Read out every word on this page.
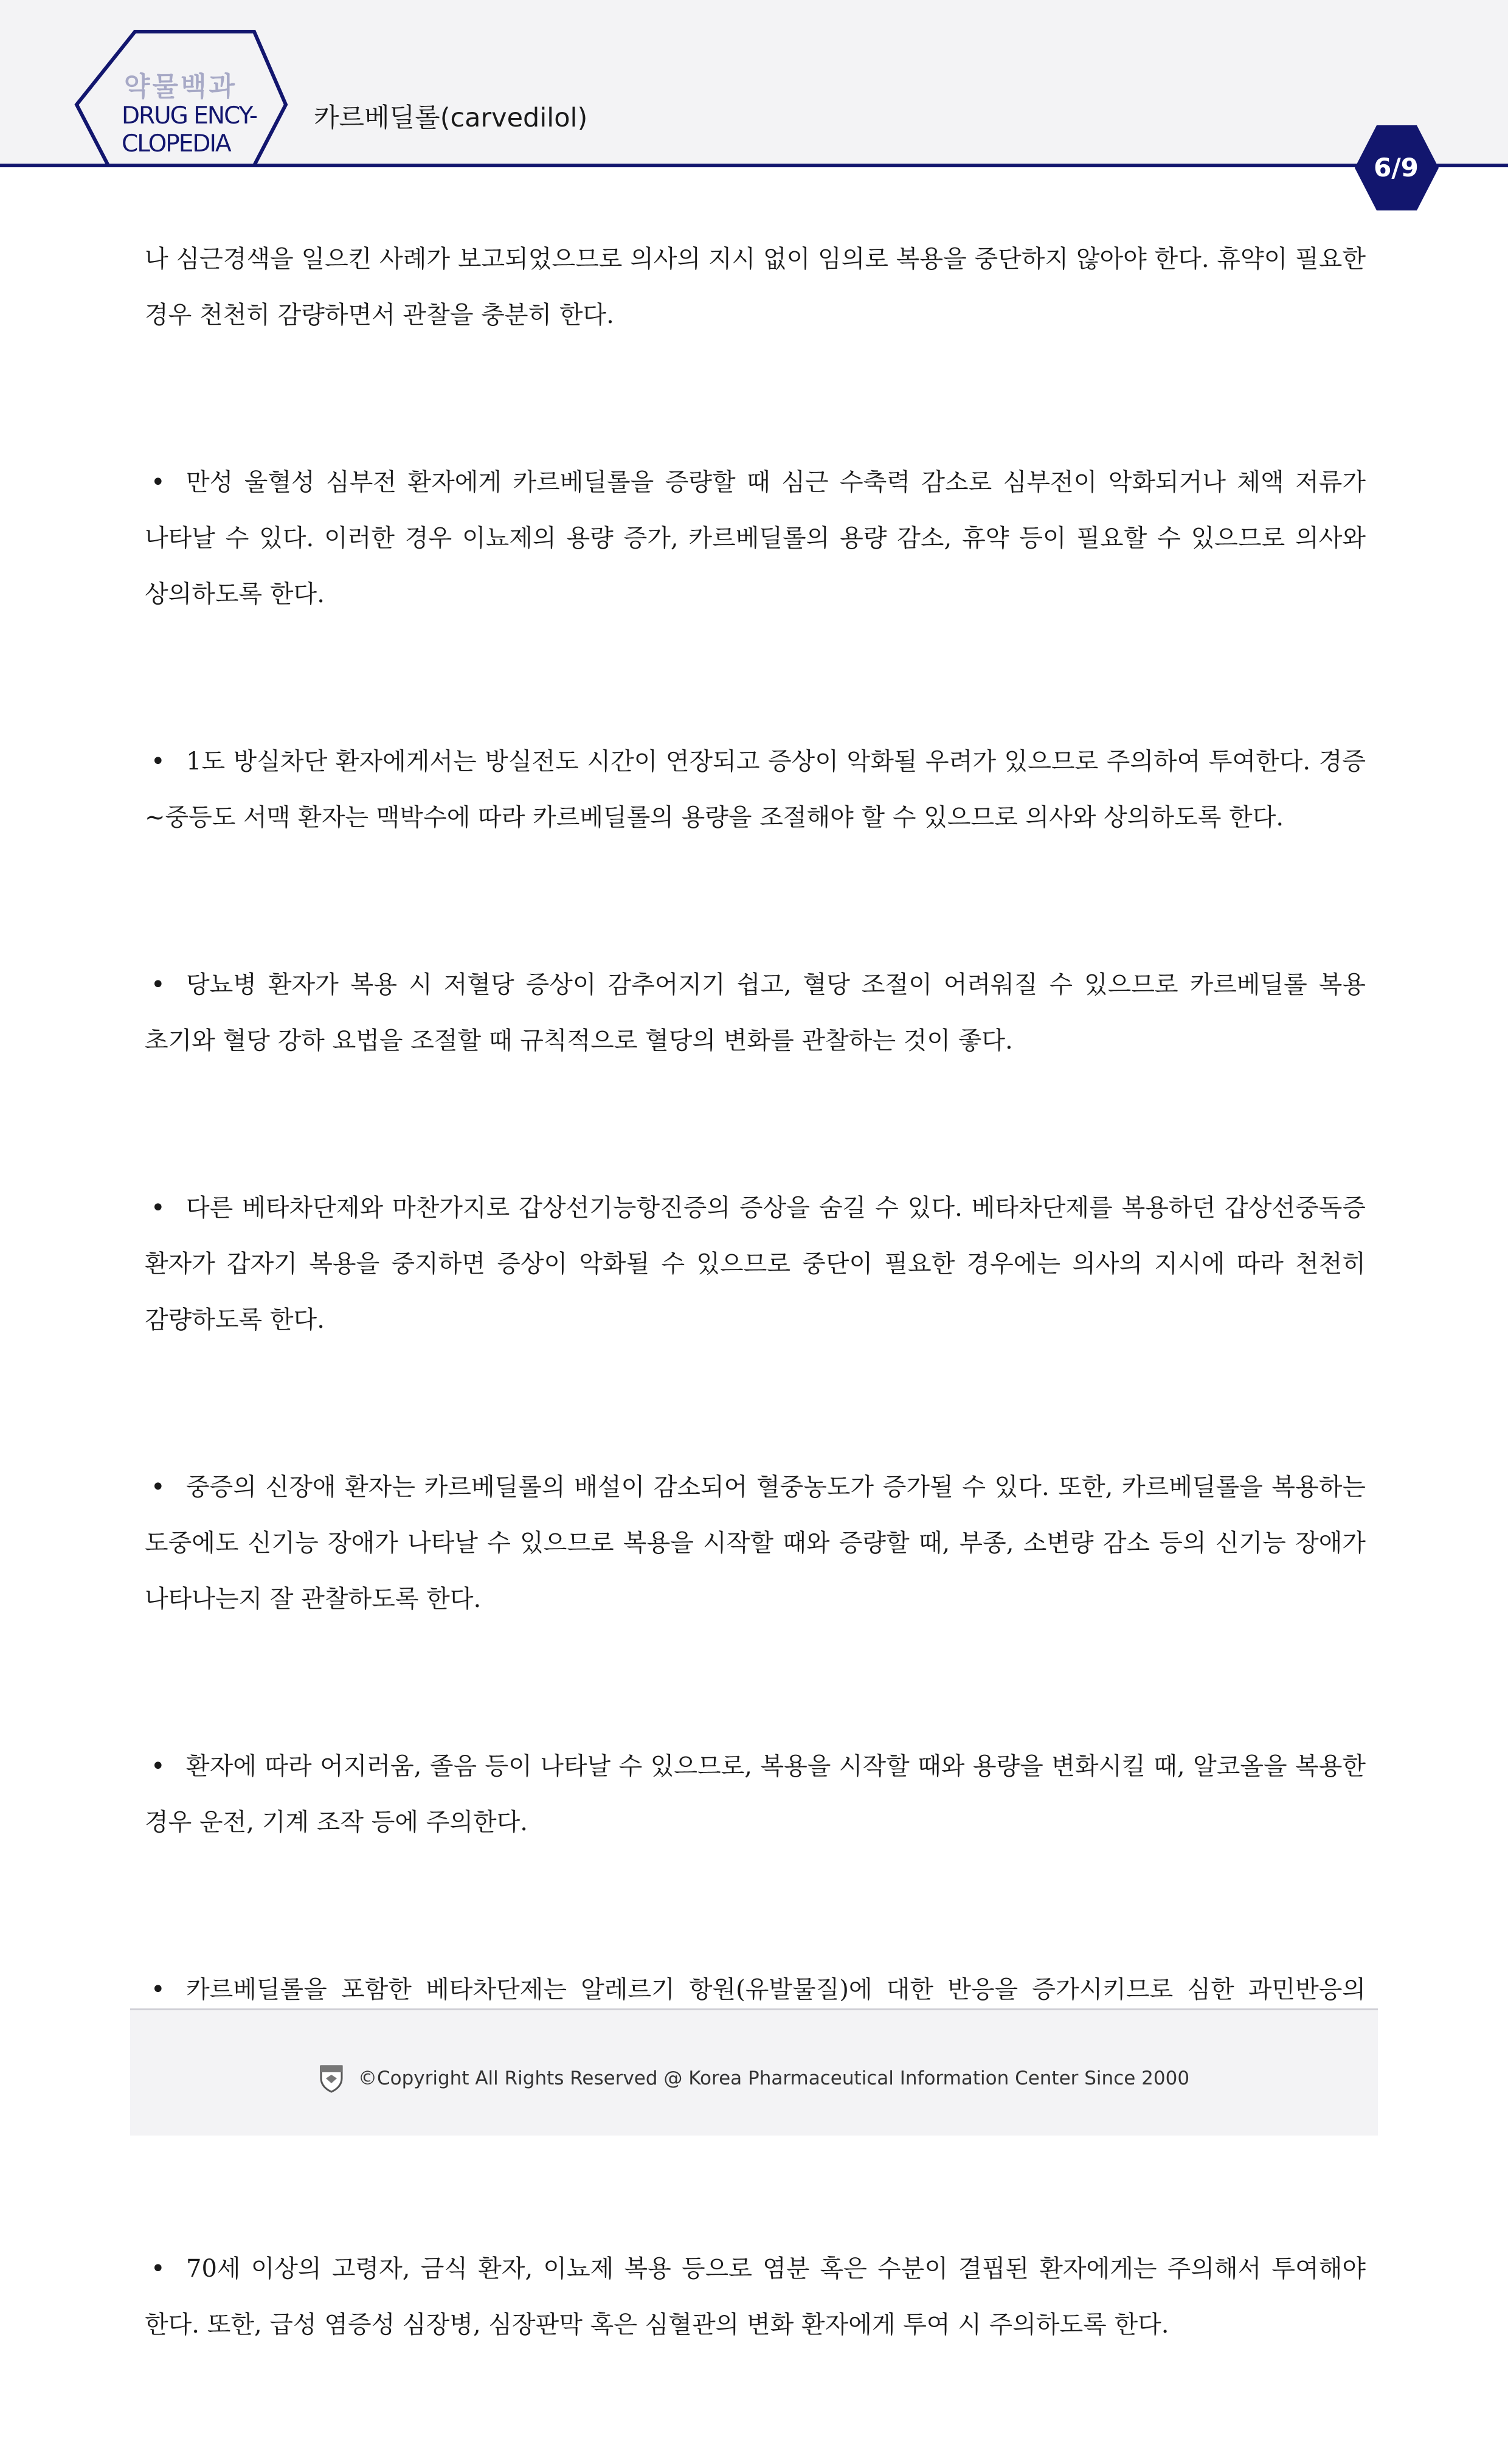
약물백과
DRUG ENCY-
CLOPEDIA
카르베딜롤(carvedilol)
6/9

나 심근경색을 일으킨 사례가 보고되었으므로 의사의 지시 없이 임의로 복용을 중단하지 않아야 한다. 휴약이 필요한 경우 천천히 감량하면서 관찰을 충분히 한다.

• 만성 울혈성 심부전 환자에게 카르베딜롤을 증량할 때 심근 수축력 감소로 심부전이 악화되거나 체액 저류가 나타날 수 있다. 이러한 경우 이뇨제의 용량 증가, 카르베딜롤의 용량 감소, 휴약 등이 필요할 수 있으므로 의사와 상의하도록 한다.

• 1도 방실차단 환자에게서는 방실전도 시간이 연장되고 증상이 악화될 우려가 있으므로 주의하여 투여한다. 경증~중등도 서맥 환자는 맥박수에 따라 카르베딜롤의 용량을 조절해야 할 수 있으므로 의사와 상의하도록 한다.

• 당뇨병 환자가 복용 시 저혈당 증상이 감추어지기 쉽고, 혈당 조절이 어려워질 수 있으므로 카르베딜롤 복용 초기와 혈당 강하 요법을 조절할 때 규칙적으로 혈당의 변화를 관찰하는 것이 좋다.

• 다른 베타차단제와 마찬가지로 갑상선기능항진증의 증상을 숨길 수 있다. 베타차단제를 복용하던 갑상선중독증 환자가 갑자기 복용을 중지하면 증상이 악화될 수 있으므로 중단이 필요한 경우에는 의사의 지시에 따라 천천히 감량하도록 한다.

• 중증의 신장애 환자는 카르베딜롤의 배설이 감소되어 혈중농도가 증가될 수 있다. 또한, 카르베딜롤을 복용하는 도중에도 신기능 장애가 나타날 수 있으므로 복용을 시작할 때와 증량할 때, 부종, 소변량 감소 등의 신기능 장애가 나타나는지 잘 관찰하도록 한다.

• 환자에 따라 어지러움, 졸음 등이 나타날 수 있으므로, 복용을 시작할 때와 용량을 변화시킬 때, 알코올을 복용한 경우 운전, 기계 조작 등에 주의한다.

• 카르베딜롤을 포함한 베타차단제는 알레르기 항원(유발물질)에 대한 반응을 증가시키므로 심한 과민반응의

• 70세 이상의 고령자, 금식 환자, 이뇨제 복용 등으로 염분 혹은 수분이 결핍된 환자에게는 주의해서 투여해야 한다. 또한, 급성 염증성 심장병, 심장판막 혹은 심혈관의 변화 환자에게 투여 시 주의하도록 한다.

©Copyright All Rights Reserved @ Korea Pharmaceutical Information Center Since 2000
